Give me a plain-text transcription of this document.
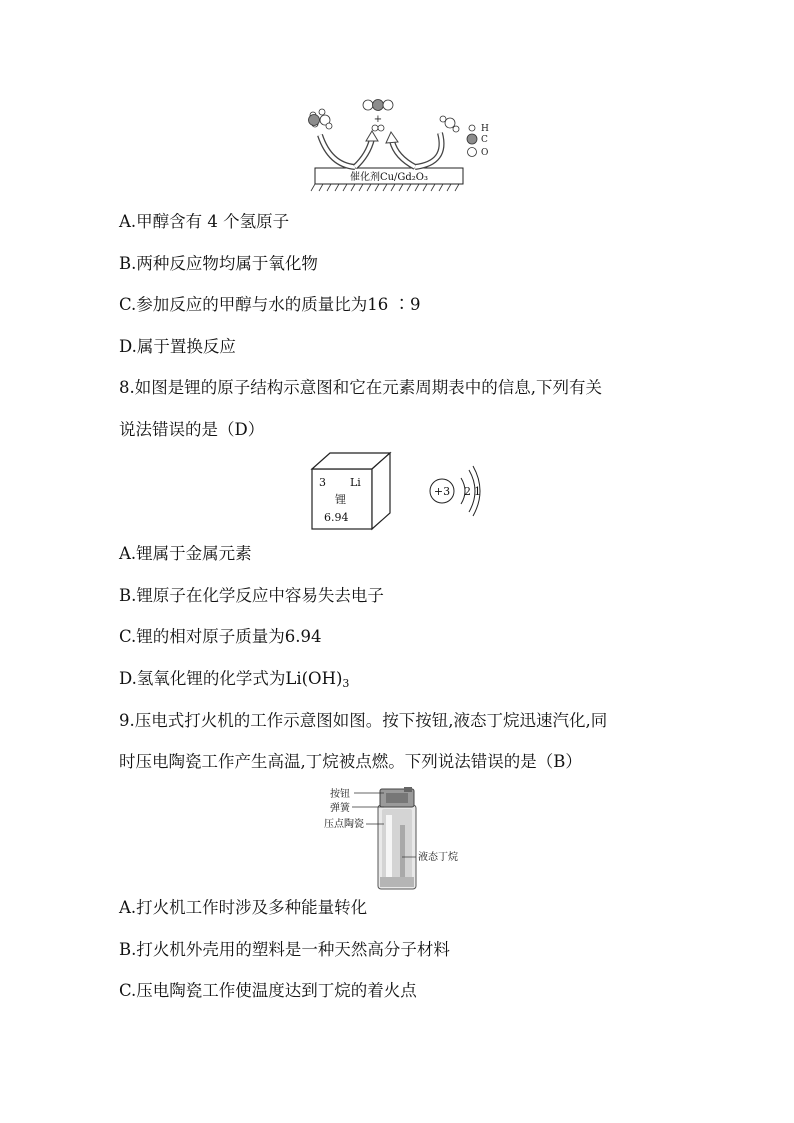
+
H
C
O
催化剂Cu/Gd₂O₃
A.甲醇含有 4 个氢原子
B.两种反应物均属于氧化物
C.参加反应的甲醇与水的质量比为16 ∶9
D.属于置换反应
8.如图是锂的原子结构示意图和它在元素周期表中的信息,下列有关
说法错误的是（D）
3 Li
锂
6.94
+3 2 1
A.锂属于金属元素
B.锂原子在化学反应中容易失去电子
C.锂的相对原子质量为6.94
D.氢氧化锂的化学式为$Li(OH)_3$
9.压电式打火机的工作示意图如图。按下按钮,液态丁烷迅速汽化,同
时压电陶瓷工作产生高温,丁烷被点燃。下列说法错误的是（B）
按钮
弹簧
压点陶瓷
液态丁烷
A.打火机工作时涉及多种能量转化
B.打火机外壳用的塑料是一种天然高分子材料
C.压电陶瓷工作使温度达到丁烷的着火点
